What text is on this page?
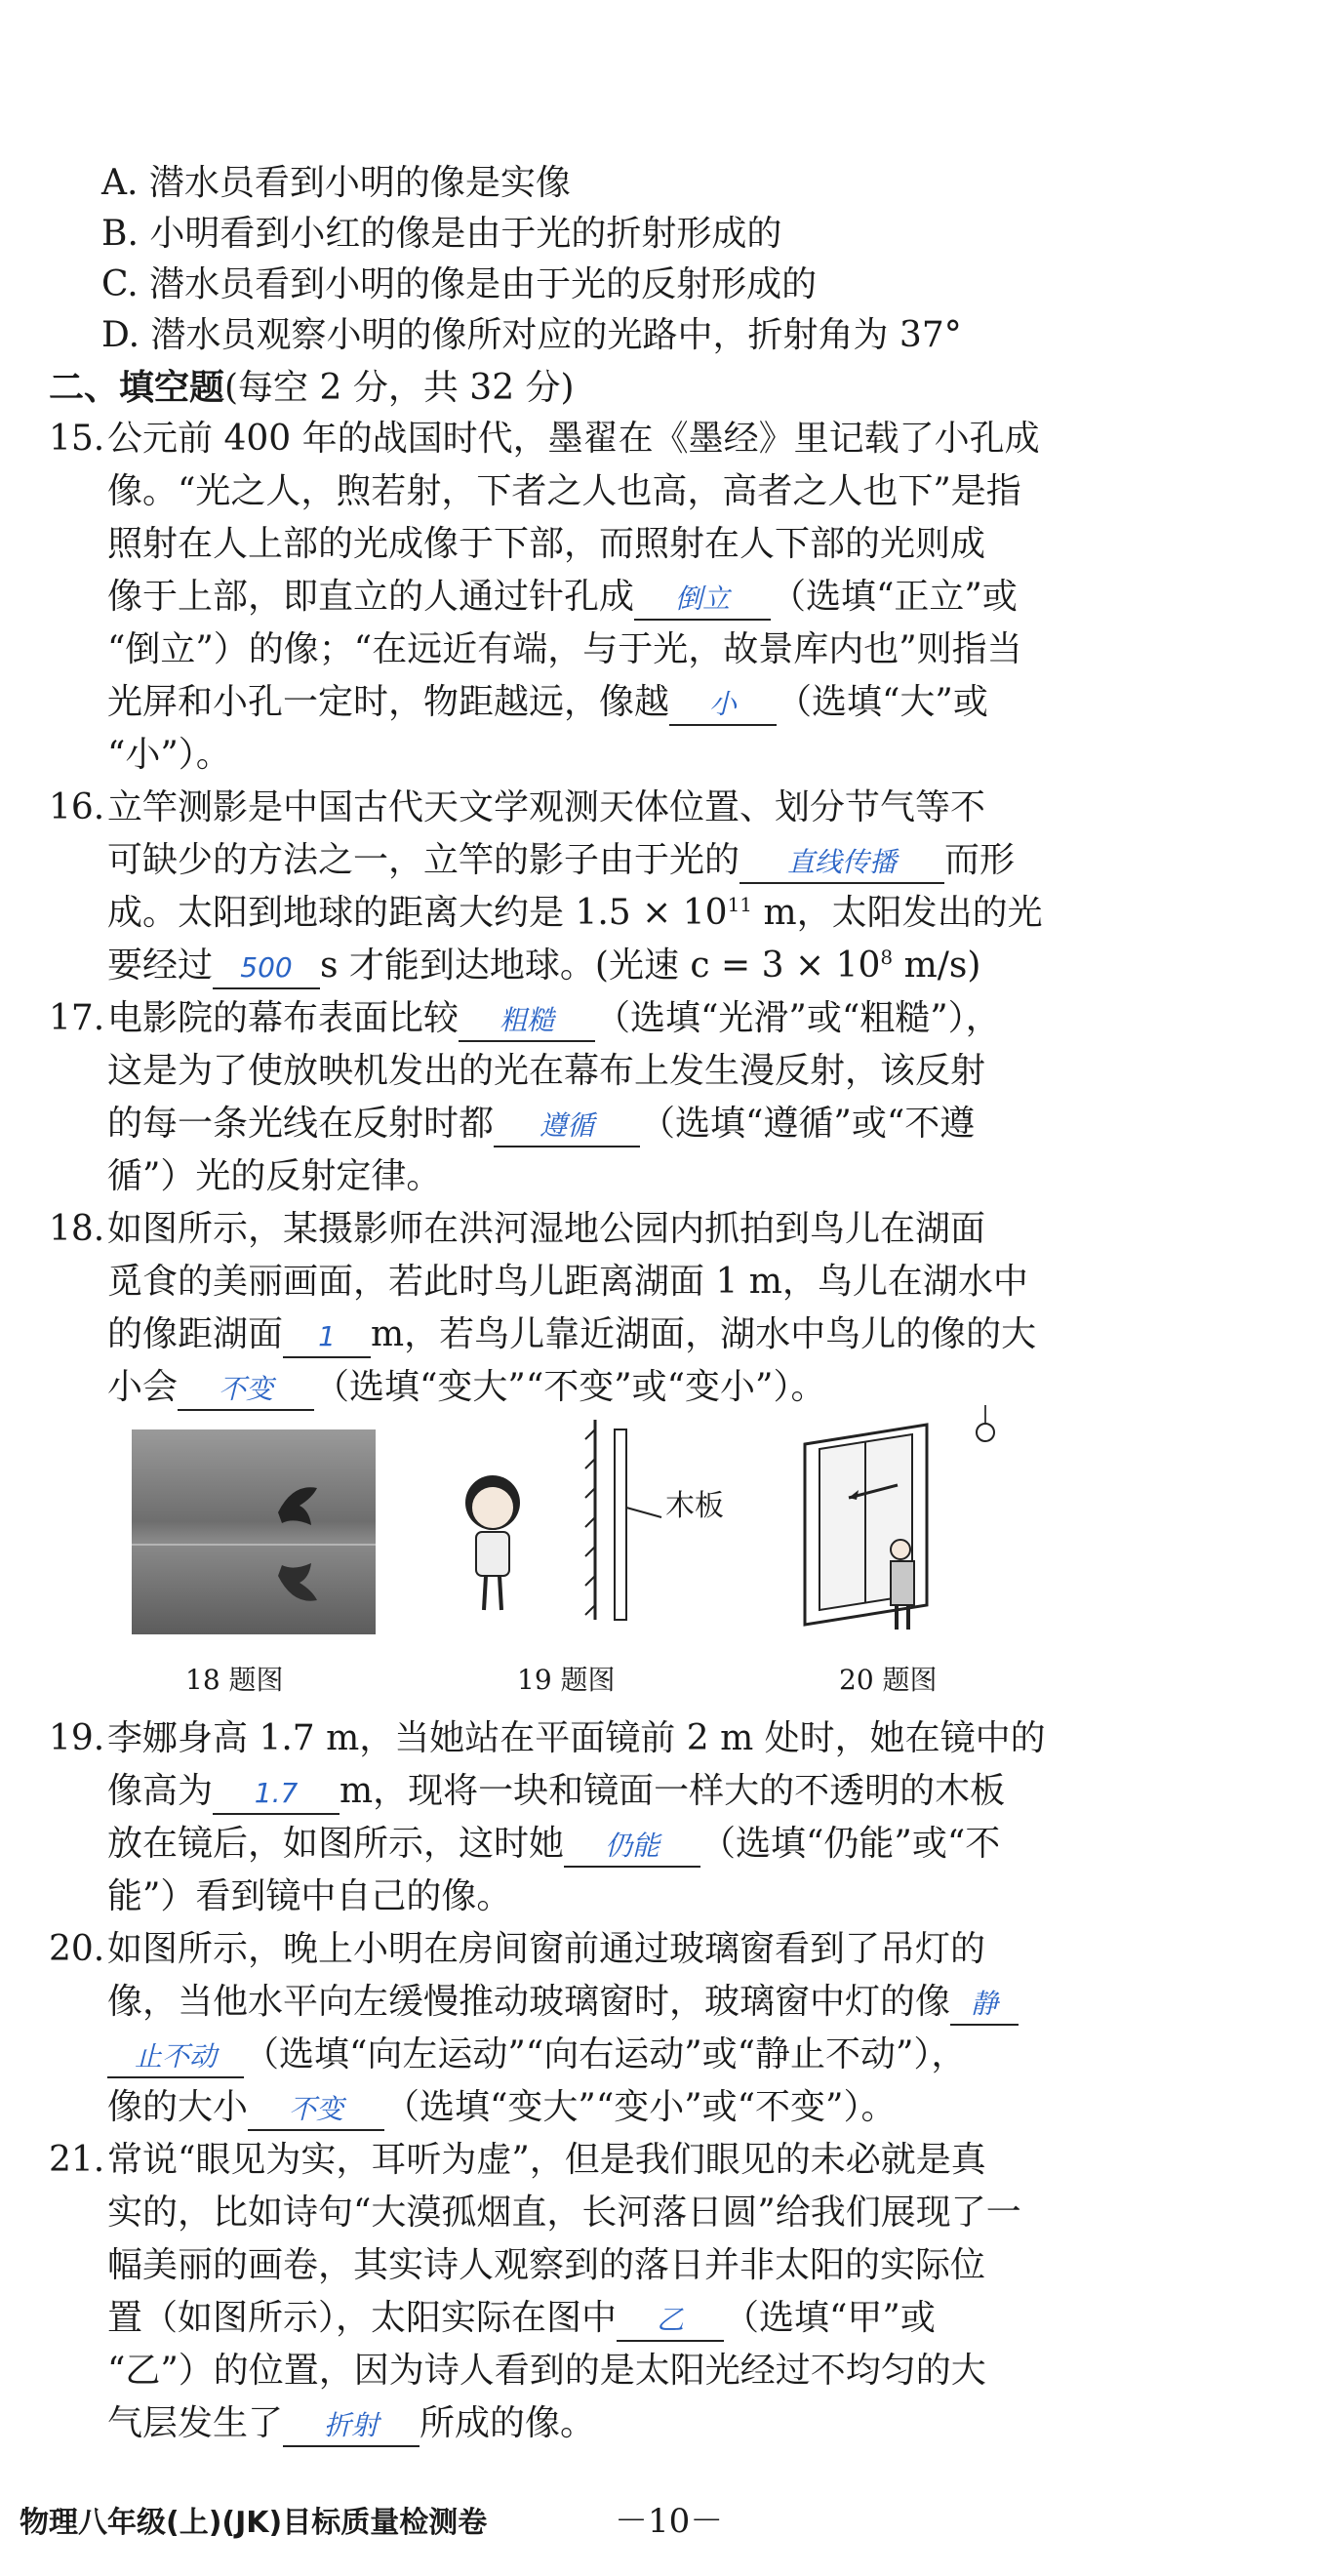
A. 潜水员看到小明的像是实像
B. 小明看到小红的像是由于光的折射形成的
C. 潜水员看到小明的像是由于光的反射形成的
D. 潜水员观察小明的像所对应的光路中，折射角为 37°
二、填空题(每空 2 分，共 32 分)
15. 公元前 400 年的战国时代，墨翟在《墨经》里记载了小孔成
像。“光之人，煦若射，下者之人也高，高者之人也下”是指
照射在人上部的光成像于下部，而照射在人下部的光则成
像于上部，即直立的人通过针孔成 倒立 （选填“正立”或
“倒立”）的像；“在远近有端，与于光，故景库内也”则指当
光屏和小孔一定时，物距越远，像越 小 （选填“大”或
“小”）。
16. 立竿测影是中国古代天文学观测天体位置、划分节气等不
可缺少的方法之一，立竿的影子由于光的 直线传播 而形
成。太阳到地球的距离大约是 $1.5 \times 10^{11}$ m，太阳发出的光
要经过 500 s 才能到达地球。(光速 $c = 3 \times 10^8$ m/s)
17. 电影院的幕布表面比较 粗糙 （选填“光滑”或“粗糙”），
这是为了使放映机发出的光在幕布上发生漫反射，该反射
的每一条光线在反射时都 遵循 （选填“遵循”或“不遵
循”）光的反射定律。
18. 如图所示，某摄影师在洪河湿地公园内抓拍到鸟儿在湖面
觅食的美丽画面，若此时鸟儿距离湖面 1 m，鸟儿在湖水中
的像距湖面 1 m，若鸟儿靠近湖面，湖水中鸟儿的像的大
小会 不变 （选填“变大”“不变”或“变小”）。
木板
18 题图	19 题图	20 题图
19. 李娜身高 1.7 m，当她站在平面镜前 2 m 处时，她在镜中的
像高为 1.7 m，现将一块和镜面一样大的不透明的木板
放在镜后，如图所示，这时她 仍能 （选填“仍能”或“不
能”）看到镜中自己的像。
20. 如图所示，晚上小明在房间窗前通过玻璃窗看到了吊灯的
像，当他水平向左缓慢推动玻璃窗时，玻璃窗中灯的像 静
止不动 （选填“向左运动”“向右运动”或“静止不动”），
像的大小 不变 （选填“变大”“变小”或“不变”）。
21. 常说“眼见为实，耳听为虚”，但是我们眼见的未必就是真
实的，比如诗句“大漠孤烟直，长河落日圆”给我们展现了一
幅美丽的画卷，其实诗人观察到的落日并非太阳的实际位
置（如图所示），太阳实际在图中 乙 （选填“甲”或
“乙”）的位置，因为诗人看到的是太阳光经过不均匀的大
气层发生了 折射 所成的像。
物理八年级(上)(JK)目标质量检测卷	－10－
